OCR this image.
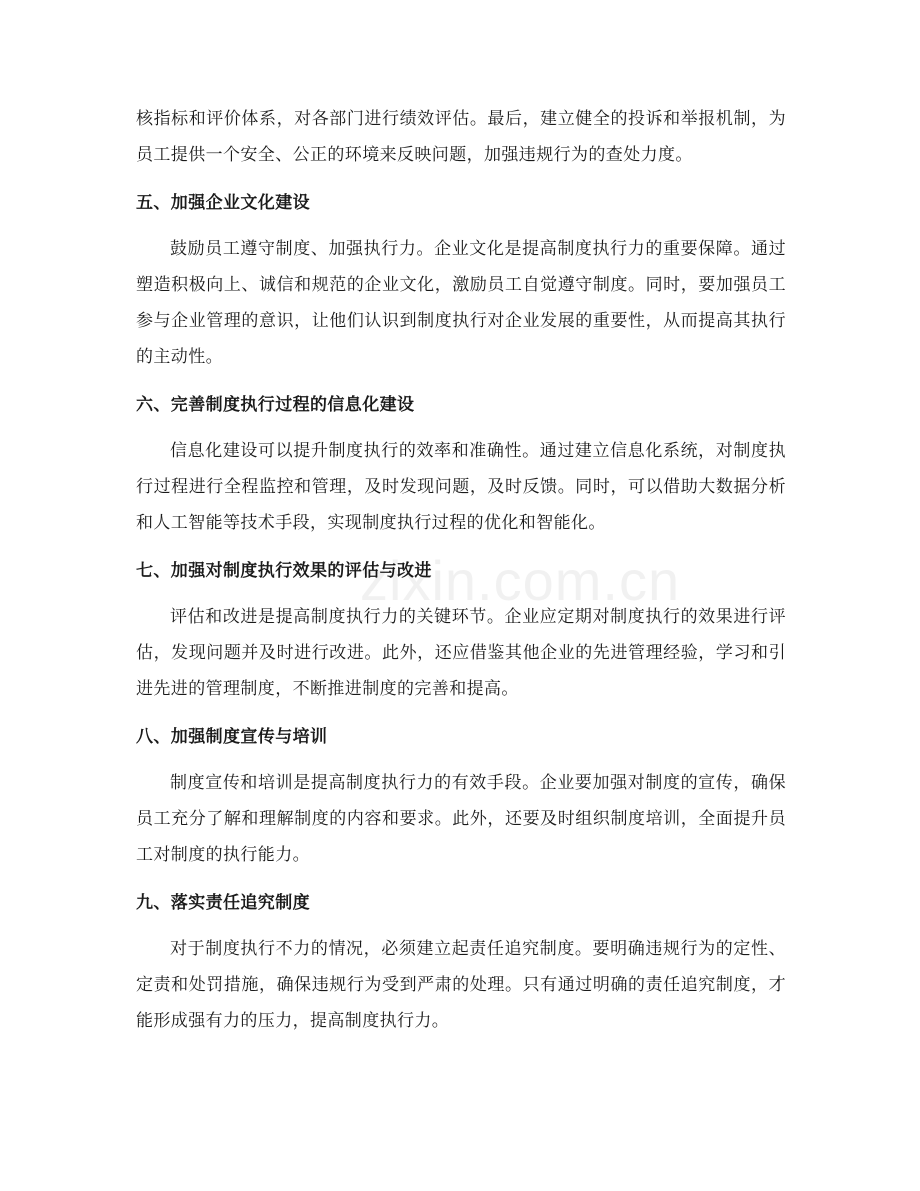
zixin.com.cn

核指标和评价体系，对各部门进行绩效评估。最后，建立健全的投诉和举报机制，为员工提供一个安全、公正的环境来反映问题，加强违规行为的查处力度。

五、加强企业文化建设

鼓励员工遵守制度、加强执行力。企业文化是提高制度执行力的重要保障。通过塑造积极向上、诚信和规范的企业文化，激励员工自觉遵守制度。同时，要加强员工参与企业管理的意识，让他们认识到制度执行对企业发展的重要性，从而提高其执行的主动性。

六、完善制度执行过程的信息化建设

信息化建设可以提升制度执行的效率和准确性。通过建立信息化系统，对制度执行过程进行全程监控和管理，及时发现问题，及时反馈。同时，可以借助大数据分析和人工智能等技术手段，实现制度执行过程的优化和智能化。

七、加强对制度执行效果的评估与改进

评估和改进是提高制度执行力的关键环节。企业应定期对制度执行的效果进行评估，发现问题并及时进行改进。此外，还应借鉴其他企业的先进管理经验，学习和引进先进的管理制度，不断推进制度的完善和提高。

八、加强制度宣传与培训

制度宣传和培训是提高制度执行力的有效手段。企业要加强对制度的宣传，确保员工充分了解和理解制度的内容和要求。此外，还要及时组织制度培训，全面提升员工对制度的执行能力。

九、落实责任追究制度

对于制度执行不力的情况，必须建立起责任追究制度。要明确违规行为的定性、定责和处罚措施，确保违规行为受到严肃的处理。只有通过明确的责任追究制度，才能形成强有力的压力，提高制度执行力。
